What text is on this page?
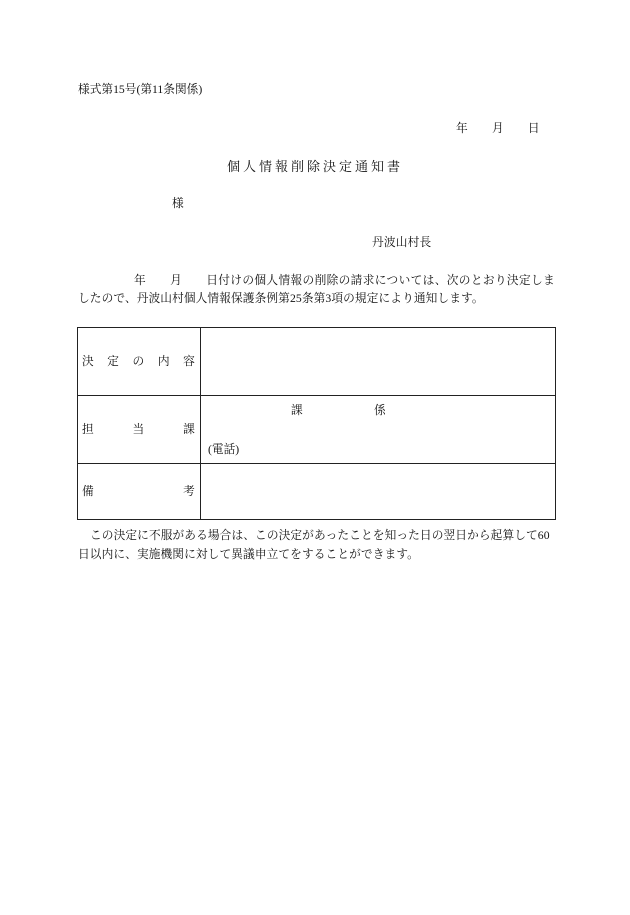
様式第15号(第11条関係)
年　　月　　日
個人情報削除決定通知書
様
丹波山村長
年　　月　　日付けの個人情報の削除の請求については、次のとおり決定しま
したので、丹波山村個人情報保護条例第25条第3項の規定により通知します。
決　定　の　内　容
担　　　当　　　課
課	係
(電話)
備　　　　　　　考
この決定に不服がある場合は、この決定があったことを知った日の翌日から起算して60
日以内に、実施機関に対して異議申立てをすることができます。
